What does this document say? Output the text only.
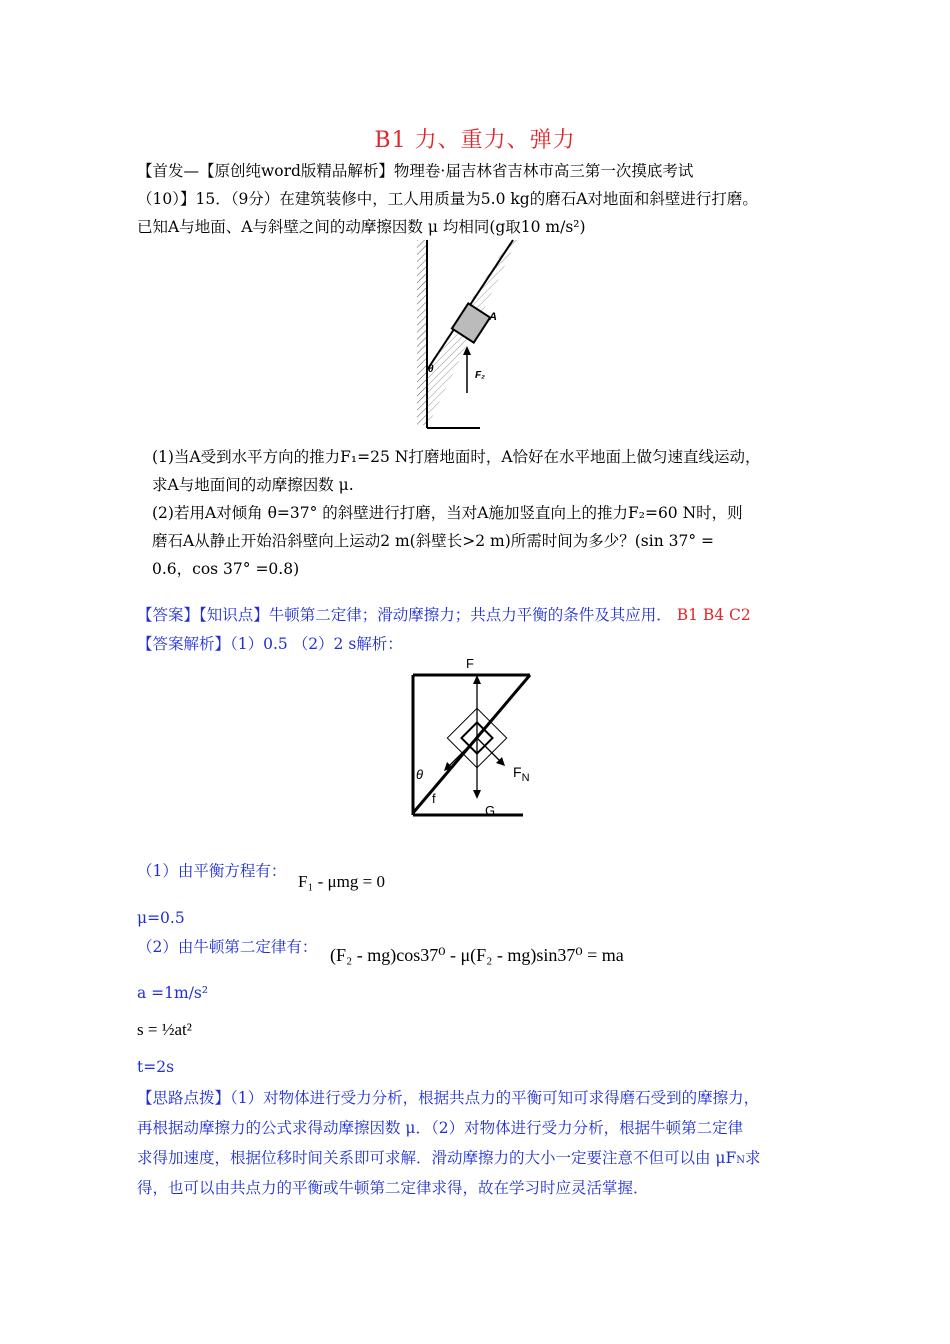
B1 力、重力、弹力
【首发—【原创纯word版精品解析】物理卷·届吉林省吉林市高三第一次摸底考试
（10）】15．（9分）在建筑装修中，工人用质量为5.0 kg的磨石A对地面和斜壁进行打磨。
已知A与地面、A与斜壁之间的动摩擦因数 μ 均相同(g取10 m/s²)
A
F₂
θ
(1)当A受到水平方向的推力F₁=25 N打磨地面时，A恰好在水平地面上做匀速直线运动，
求A与地面间的动摩擦因数 μ.
(2)若用A对倾角 θ=37° 的斜壁进行打磨，当对A施加竖直向上的推力F₂=60 N时，则
磨石A从静止开始沿斜壁向上运动2 m(斜壁长>2 m)所需时间为多少？(sin 37° =
0.6，cos 37° =0.8)
【答案】【知识点】牛顿第二定律；滑动摩擦力；共点力平衡的条件及其应用． B1 B4 C2
【答案解析】（1）0.5 （2）2 s解析：
F
$F_N$
f
G
θ
（1）由平衡方程有：
F₁ - μmg = 0
μ=0.5
（2）由牛顿第二定律有： (F₂ - mg)cos37⁰ - μ(F₂ - mg)sin37⁰ = ma
a =1m/s²
s = ½at²
t=2s
【思路点拨】（1）对物体进行受力分析，根据共点力的平衡可知可求得磨石受到的摩擦力，
再根据动摩擦力的公式求得动摩擦因数 μ．（2）对物体进行受力分析，根据牛顿第二定律
求得加速度，根据位移时间关系即可求解．滑动摩擦力的大小一定要注意不但可以由 μFN求
得，也可以由共点力的平衡或牛顿第二定律求得，故在学习时应灵活掌握．
